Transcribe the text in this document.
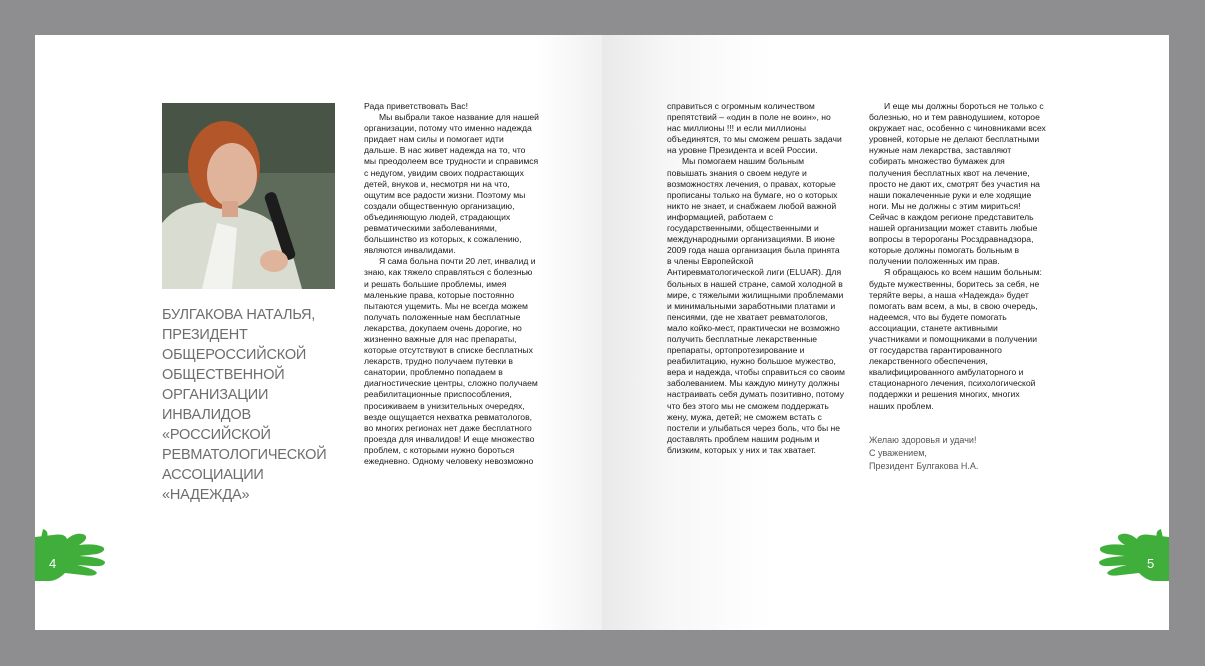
БУЛГАКОВА НАТАЛЬЯ, ПРЕЗИДЕНТ ОБЩЕРОССИЙСКОЙ ОБЩЕСТВЕННОЙ ОРГАНИЗАЦИИ ИНВАЛИДОВ «РОССИЙСКОЙ РЕВМАТОЛОГИЧЕСКОЙ АССОЦИАЦИИ «НАДЕЖДА»

Рада приветствовать Вас!

Мы выбрали такое название для нашей организации, потому что именно надежда придает нам силы и помогает идти дальше. В нас живет надежда на то, что мы преодолеем все трудности и справимся с недугом, увидим своих подрастающих детей, внуков и, несмотря ни на что, ощутим все радости жизни. Поэтому мы создали общественную организацию, объединяющую людей, страдающих ревматическими заболеваниями, большинство из которых, к сожалению, являются инвалидами.

Я сама больна почти 20 лет, инвалид и знаю, как тяжело справляться с болезнью и решать большие проблемы, имея маленькие права, которые постоянно пытаются ущемить. Мы не всегда можем получать положенные нам бесплатные лекарства, докупаем очень дорогие, но жизненно важные для нас препараты, которые отсутствуют в списке бесплатных лекарств, трудно получаем путевки в санатории, проблемно попадаем в диагностические центры, сложно получаем реабилитационные приспособления, просиживаем в унизительных очередях, везде ощущается нехватка ревматологов, во многих регионах нет даже бесплатного проезда для инвалидов! И еще множество проблем, с которыми нужно бороться ежедневно. Одному человеку невозможно

4	5

справиться с огромным количеством препятствий – «один в поле не воин», но нас миллионы !!! и если миллионы объединятся, то мы сможем решать задачи на уровне Президента и всей России.

Мы помогаем нашим больным повышать знания о своем недуге и возможностях лечения, о правах, которые прописаны только на бумаге, но о которых никто не знает, и снабжаем любой важной информацией, работаем с государственными, общественными и международными организациями. В июне 2009 года наша организация была принята в члены Европейской Антиревматологической лиги (ELUAR). Для больных в нашей стране, самой холодной в мире, с тяжелыми жилищными проблемами и минимальными заработными платами и пенсиями, где не хватает ревматологов, мало койко-мест, практически не возможно получить бесплатные лекарственные препараты, ортопротезирование и реабилитацию, нужно большое мужество, вера и надежда, чтобы справиться со своим заболеванием. Мы каждую минуту должны настраивать себя думать позитивно, потому что без этого мы не сможем поддержать жену, мужа, детей; не сможем встать с постели и улыбаться через боль, что бы не доставлять проблем нашим родным и близким, которых у них и так хватает.

И еще мы должны бороться не только с болезнью, но и тем равнодушием, которое окружает нас, особенно с чиновниками всех уровней, которые не делают бесплатными нужные нам лекарства, заставляют собирать множество бумажек для получения бесплатных квот на лечение, просто не дают их, смотрят без участия на наши покалеченные руки и еле ходящие ноги. Мы не должны с этим мириться! Сейчас в каждом регионе представитель нашей организации может ставить любые вопросы в теророганы Росздравнадзора, которые должны помогать больным в получении положенных им прав.

Я обращаюсь ко всем нашим больным: будьте мужественны, боритесь за себя, не теряйте веры, а наша «Надежда» будет помогать вам всем, а мы, в свою очередь, надеемся, что вы будете помогать ассоциации, станете активными участниками и помощниками в получении от государства гарантированного лекарственного обеспечения, квалифицированного амбулаторного и стационарного лечения, психологической поддержки и решения многих, многих наших проблем.

Желаю здоровья и удачи!
С уважением,
Президент Булгакова Н.А.
